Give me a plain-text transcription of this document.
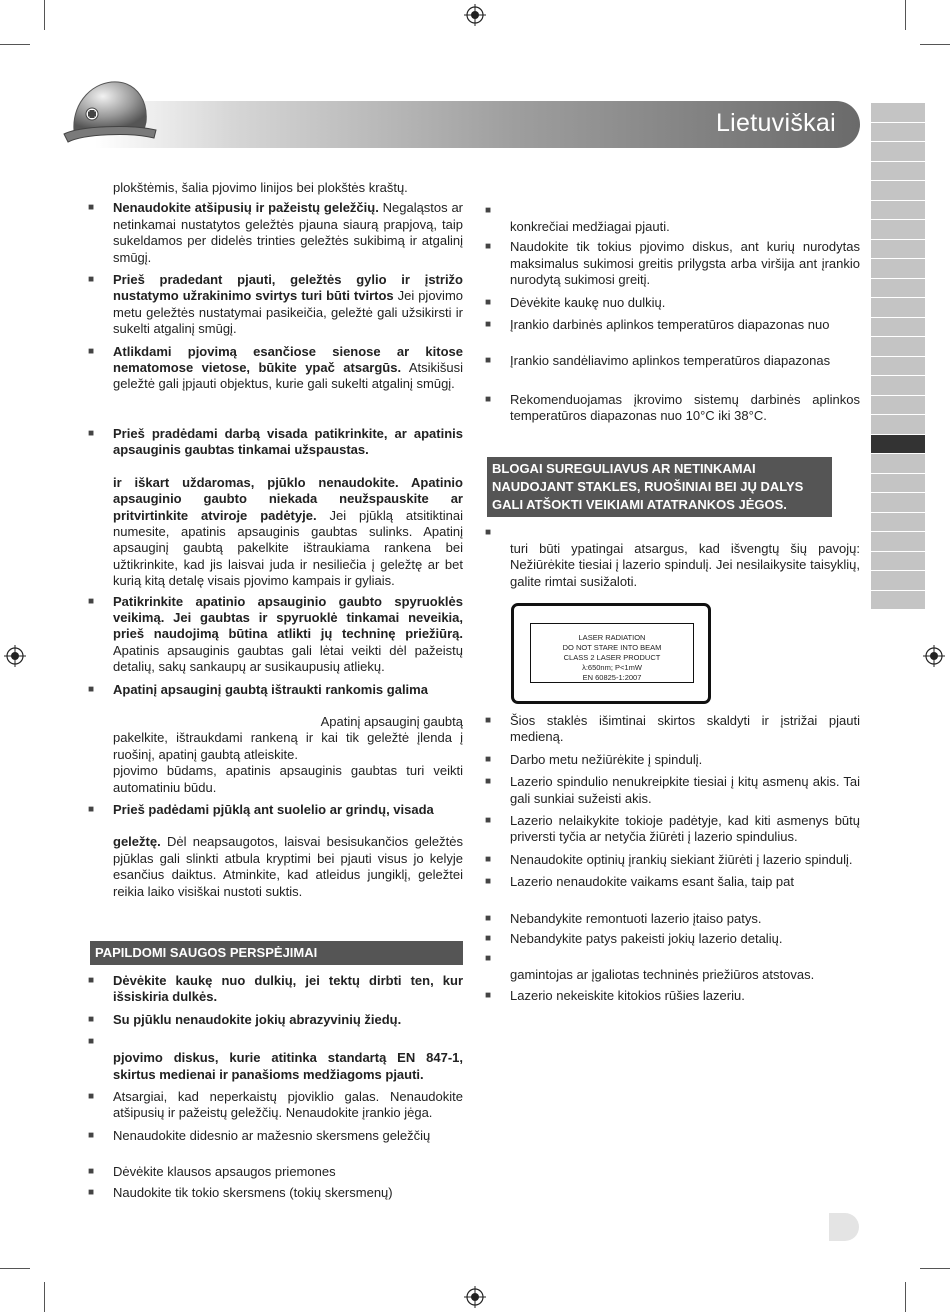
Lietuviškai

plokštėmis, šalia pjovimo linijos bei plokštės kraštų.

■ Nenaudokite atšipusių ir pažeistų geležčių. Negaląstos ar netinkamai nustatytos geležtės pjauna siaurą prapjovą, taip sukeldamos per didelės trinties geležtės sukibimą ir atgalinį smūgį.
■ Prieš pradedant pjauti, geležtės gylio ir įstrižo nustatymo užrakinimo svirtys turi būti tvirtos Jei pjovimo metu geležtės nustatymai pasikeičia, geležtė gali užsikirsti ir sukelti atgalinį smūgį.
■ Atlikdami pjovimą esančiose sienose ar kitose nematomose vietose, būkite ypač atsargūs. Atsikišusi geležtė gali įpjauti objektus, kurie gali sukelti atgalinį smūgį.
■ Prieš pradėdami darbą visada patikrinkite, ar apatinis apsauginis gaubtas tinkamai užspaustas.
ir iškart uždaromas, pjūklo nenaudokite. Apatinio apsauginio gaubto niekada neužspauskite ar pritvirtinkite atviroje padėtyje. Jei pjūklą atsitiktinai numesite, apatinis apsauginis gaubtas sulinks. Apatinį apsauginį gaubtą pakelkite ištraukiama rankena bei užtikrinkite, kad jis laisvai juda ir nesiliečia į geležtę ar bet kurią kitą detalę visais pjovimo kampais ir gyliais.
■ Patikrinkite apatinio apsauginio gaubto spyruoklės veikimą. Jei gaubtas ir spyruoklė tinkamai neveikia, prieš naudojimą būtina atlikti jų techninę priežiūrą. Apatinis apsauginis gaubtas gali lėtai veikti dėl pažeistų detalių, sakų sankaupų ar susikaupusių atliekų.
■ Apatinį apsauginį gaubtą ištraukti rankomis galima
Apatinį apsauginį gaubtą
pakelkite, ištraukdami rankeną ir kai tik geležtė įlenda į ruošinį, apatinį gaubtą atleiskite.
pjovimo būdams, apatinis apsauginis gaubtas turi veikti automatiniu būdu.
■ Prieš padėdami pjūklą ant suolelio ar grindų, visada
geležtę. Dėl neapsaugotos, laisvai besisukančios geležtės pjūklas gali slinkti atbula kryptimi bei pjauti visus jo kelyje esančius daiktus. Atminkite, kad atleidus jungiklį, geležtei reikia laiko visiškai nustoti suktis.
PAPILDOMI SAUGOS PERSPĖJIMAI
■ Dėvėkite kaukę nuo dulkių, jei tektų dirbti ten, kur išsiskiria dulkės.
■ Su pjūklu nenaudokite jokių abrazyvinių žiedų.
■ pjovimo diskus, kurie atitinka standartą EN 847-1, skirtus medienai ir panašioms medžiagoms pjauti.
■ Atsargiai, kad neperkaistų pjoviklio galas. Nenaudokite atšipusių ir pažeistų geležčių. Nenaudokite įrankio jėga.
■ Nenaudokite didesnio ar mažesnio skersmens geležčių
■ Dėvėkite klausos apsaugos priemones
■ Naudokite tik tokio skersmens (tokių skersmenų)
■ konkrečiai medžiagai pjauti.
■ Naudokite tik tokius pjovimo diskus, ant kurių nurodytas maksimalus sukimosi greitis prilygsta arba viršija ant įrankio nurodytą sukimosi greitį.
■ Dėvėkite kaukę nuo dulkių.
■ Įrankio darbinės aplinkos temperatūros diapazonas nuo
■ Įrankio sandėliavimo aplinkos temperatūros diapazonas
■ Rekomenduojamas įkrovimo sistemų darbinės aplinkos temperatūros diapazonas nuo 10°C iki 38°C.
BLOGAI SUREGULIAVUS AR NETINKAMAI NAUDOJANT STAKLES, RUOŠINIAI BEI JŲ DALYS GALI ATŠOKTI VEIKIAMI ATATRANKOS JĖGOS.
■ turi būti ypatingai atsargus, kad išvengtų šių pavojų: Nežiūrėkite tiesiai į lazerio spindulį. Jei nesilaikysite taisyklių, galite rimtai susižaloti.
LASER RADIATION
DO NOT STARE INTO BEAM
CLASS 2 LASER PRODUCT
λ:650nm; P<1mW
EN 60825-1:2007
■ Šios staklės išimtinai skirtos skaldyti ir įstrižai pjauti medieną.
■ Darbo metu nežiūrėkite į spindulį.
■ Lazerio spindulio nenukreipkite tiesiai į kitų asmenų akis. Tai gali sunkiai sužeisti akis.
■ Lazerio nelaikykite tokioje padėtyje, kad kiti asmenys būtų priversti tyčia ar netyčia žiūrėti į lazerio spindulius.
■ Nenaudokite optinių įrankių siekiant žiūrėti į lazerio spindulį.
■ Lazerio nenaudokite vaikams esant šalia, taip pat
■ Nebandykite remontuoti lazerio įtaiso patys.
■ Nebandykite patys pakeisti jokių lazerio detalių.
■ gamintojas ar įgaliotas techninės priežiūros atstovas.
■ Lazerio nekeiskite kitokios rūšies lazeriu.
